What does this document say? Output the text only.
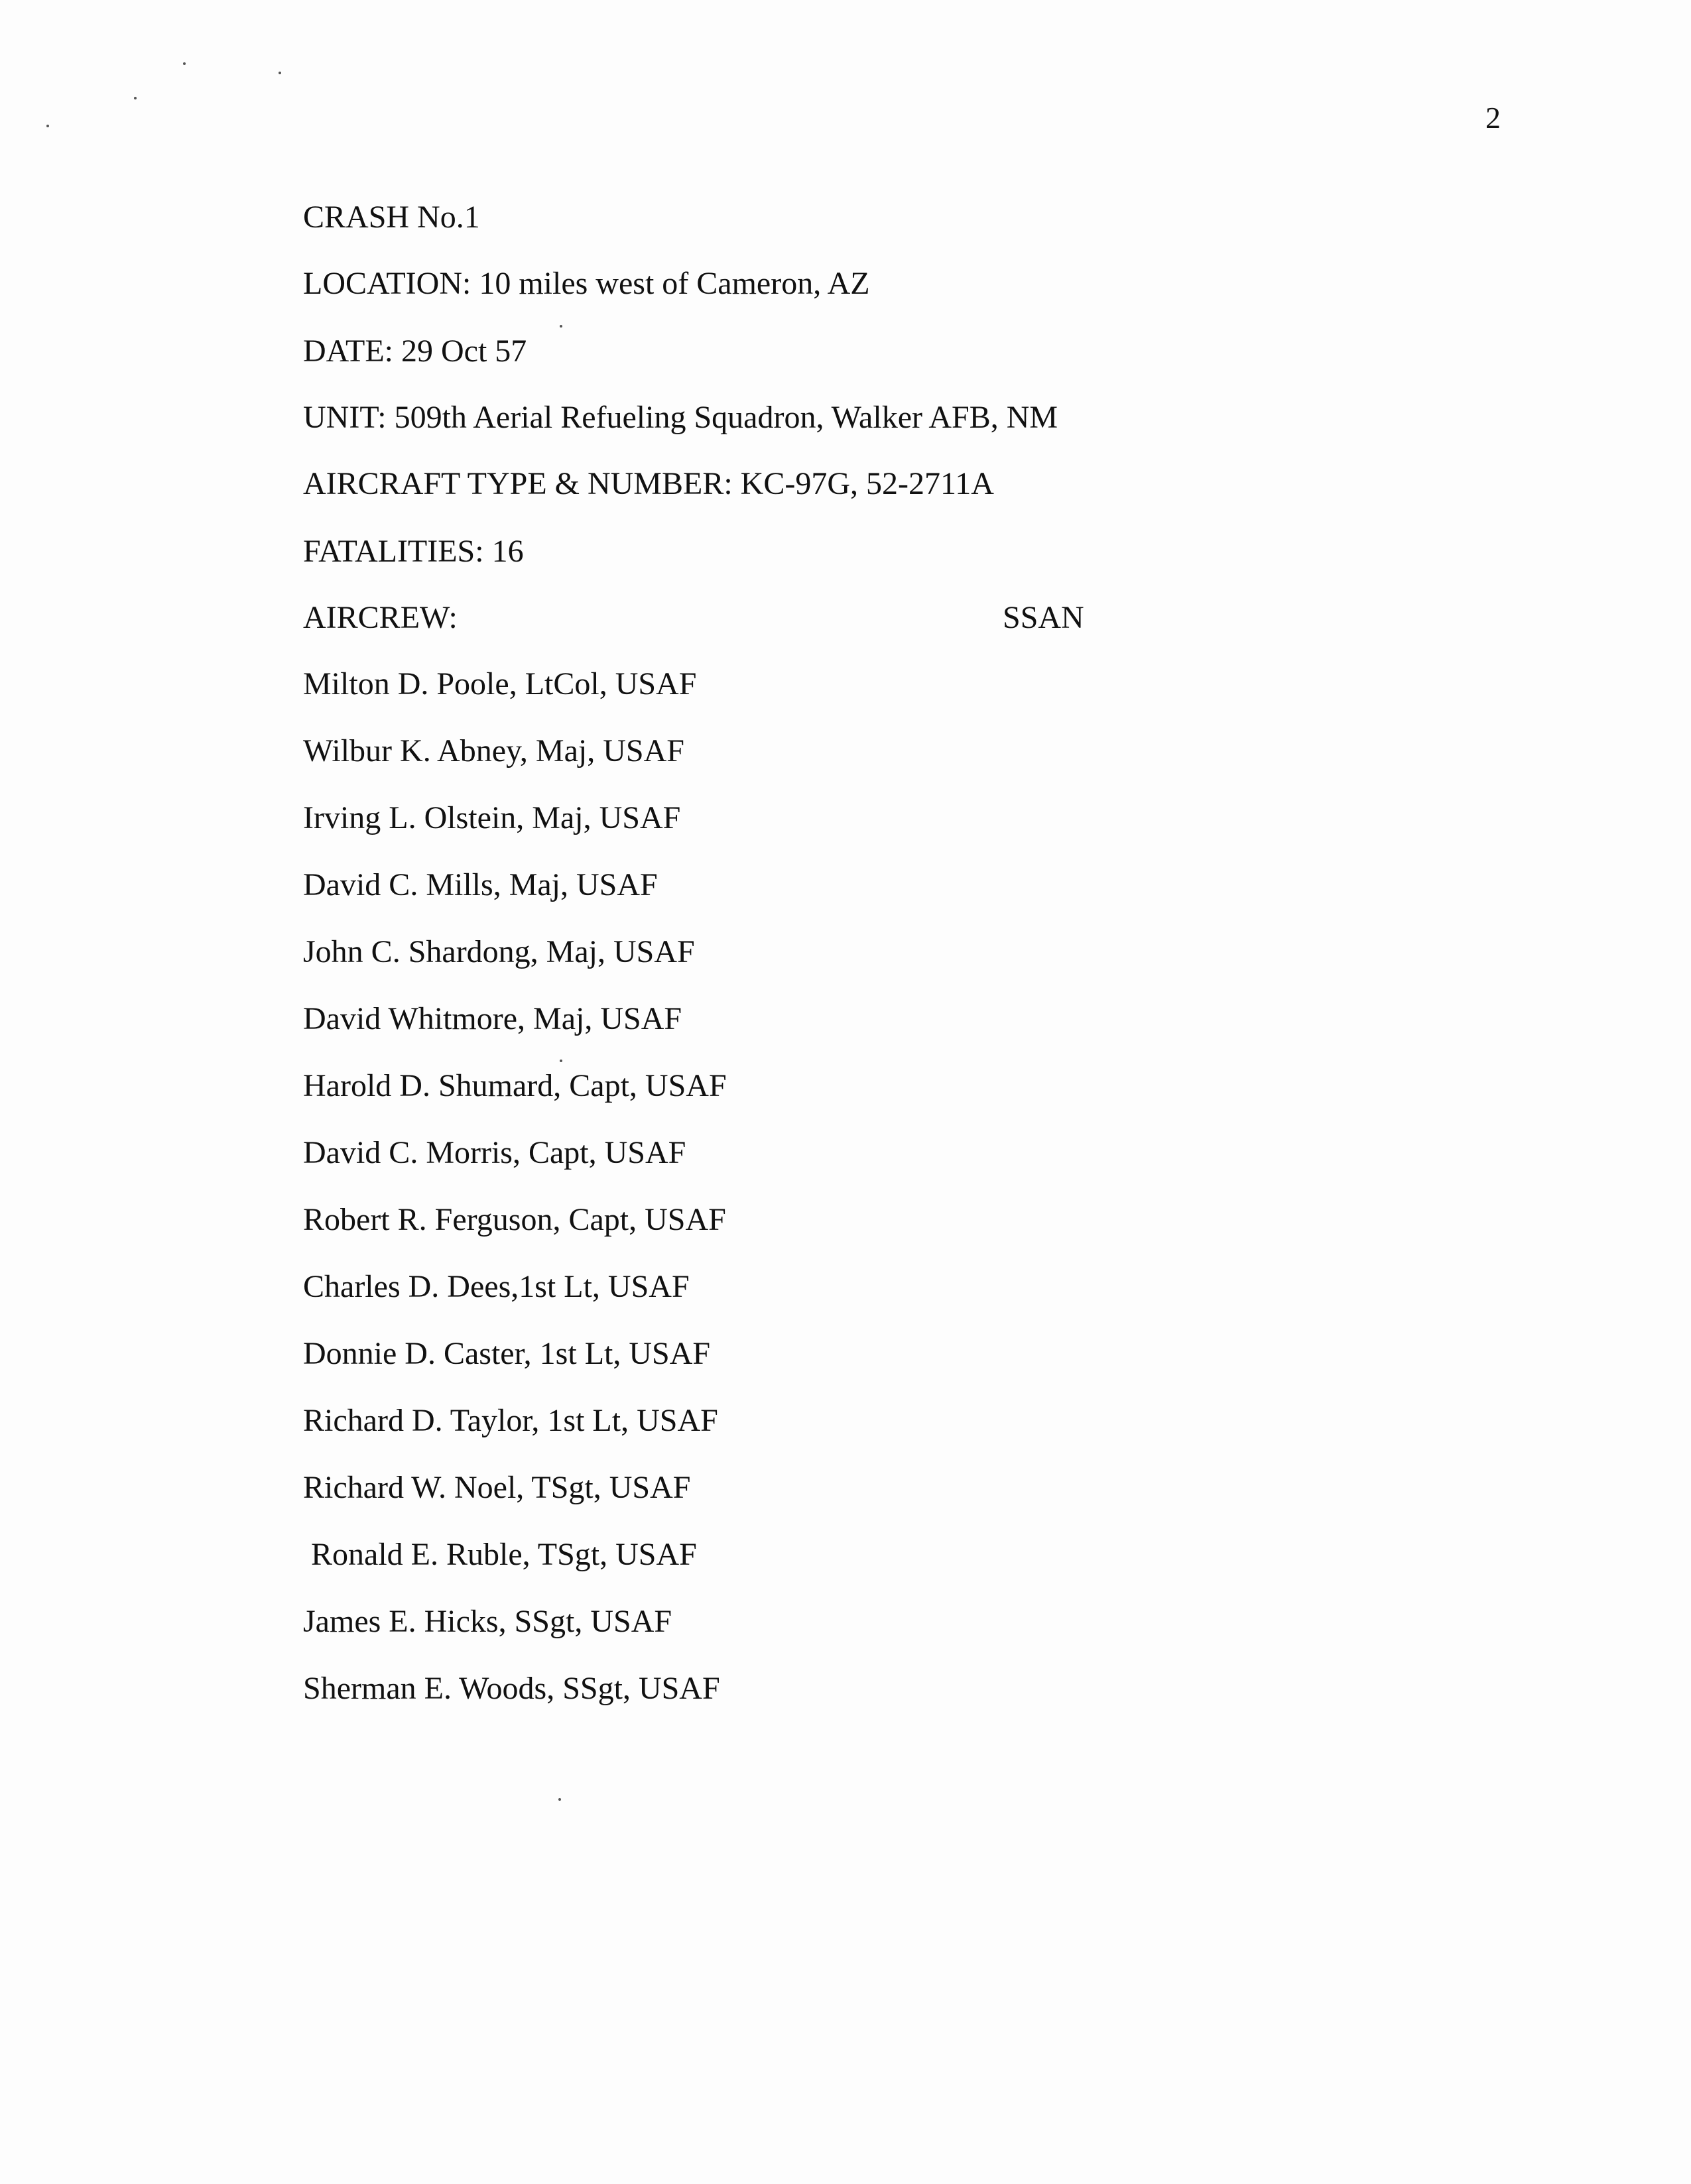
2
CRASH No.1
LOCATION: 10 miles west of Cameron, AZ
DATE: 29 Oct 57
UNIT: 509th Aerial Refueling Squadron, Walker AFB, NM
AIRCRAFT TYPE & NUMBER: KC-97G, 52-2711A
FATALITIES: 16
AIRCREW:	SSAN
Milton D. Poole, LtCol, USAF
Wilbur K. Abney, Maj, USAF
Irving L. Olstein, Maj, USAF
David C. Mills, Maj, USAF
John C. Shardong, Maj, USAF
David Whitmore, Maj, USAF
Harold D. Shumard, Capt, USAF
David C. Morris, Capt, USAF
Robert R. Ferguson, Capt, USAF
Charles D. Dees,1st Lt, USAF
Donnie D. Caster, 1st Lt, USAF
Richard D. Taylor, 1st Lt, USAF
Richard W. Noel, TSgt, USAF
Ronald E. Ruble, TSgt, USAF
James E. Hicks, SSgt, USAF
Sherman E. Woods, SSgt, USAF
